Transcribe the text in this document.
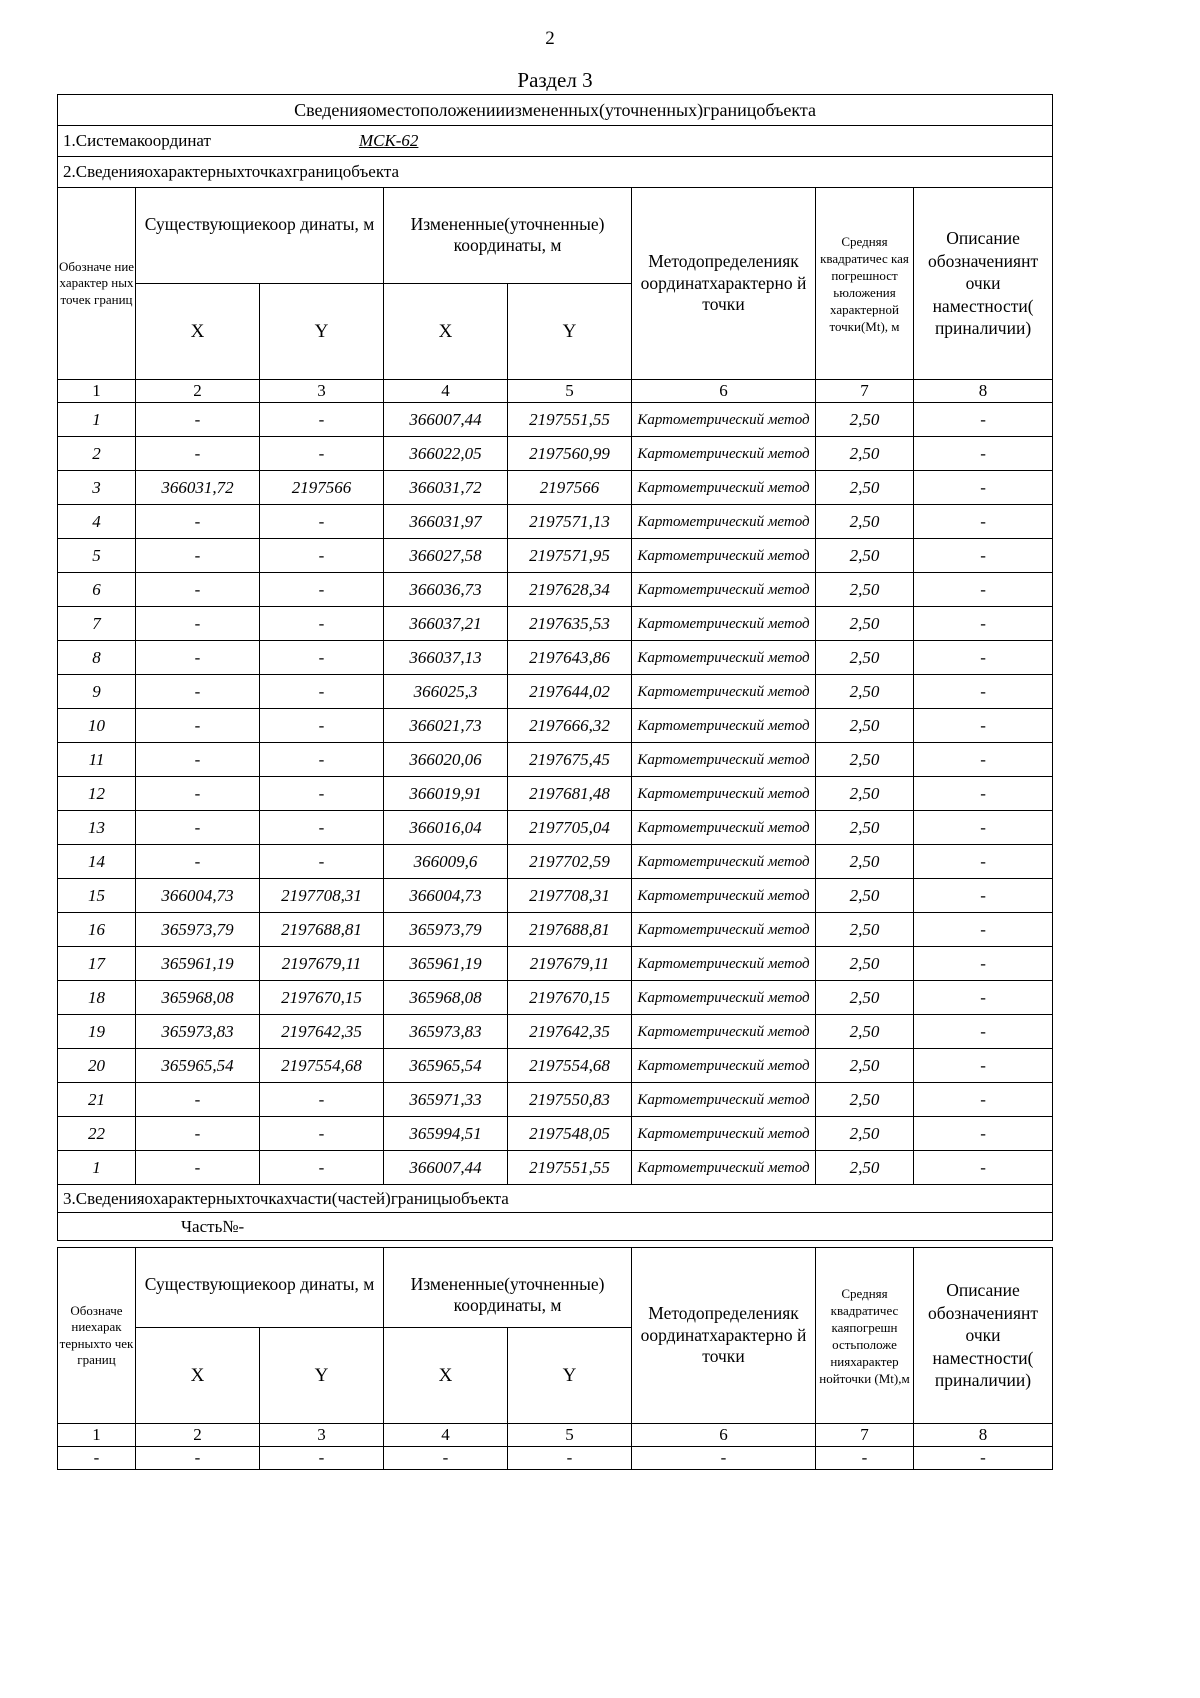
2
Раздел 3
Сведенияоместоположенииизмененных(уточненных)границобъекта							
1.Системакоординат МСК-62							
2.Сведенияохарактерныхточкахграницобъекта							
Обозначе ние характер ных точек границ	Существующиекоор динаты, м		Измененные(уточненные) координаты, м		Методопределенияк оординатхарактерно й точки	Средняя квадратичес кая погрешност ьюложения характерной точки(Mt), м	Описание обозначениянт очки наместности( приналичии)
	X	Y	X	Y			
1	2	3	4	5	6	7	8
1	-	-	366007,44	2197551,55	Картометрический метод	2,50	-
2	-	-	366022,05	2197560,99	Картометрический метод	2,50	-
3	366031,72	2197566	366031,72	2197566	Картометрический метод	2,50	-
4	-	-	366031,97	2197571,13	Картометрический метод	2,50	-
5	-	-	366027,58	2197571,95	Картометрический метод	2,50	-
6	-	-	366036,73	2197628,34	Картометрический метод	2,50	-
7	-	-	366037,21	2197635,53	Картометрический метод	2,50	-
8	-	-	366037,13	2197643,86	Картометрический метод	2,50	-
9	-	-	366025,3	2197644,02	Картометрический метод	2,50	-
10	-	-	366021,73	2197666,32	Картометрический метод	2,50	-
11	-	-	366020,06	2197675,45	Картометрический метод	2,50	-
12	-	-	366019,91	2197681,48	Картометрический метод	2,50	-
13	-	-	366016,04	2197705,04	Картометрический метод	2,50	-
14	-	-	366009,6	2197702,59	Картометрический метод	2,50	-
15	366004,73	2197708,31	366004,73	2197708,31	Картометрический метод	2,50	-
16	365973,79	2197688,81	365973,79	2197688,81	Картометрический метод	2,50	-
17	365961,19	2197679,11	365961,19	2197679,11	Картометрический метод	2,50	-
18	365968,08	2197670,15	365968,08	2197670,15	Картометрический метод	2,50	-
19	365973,83	2197642,35	365973,83	2197642,35	Картометрический метод	2,50	-
20	365965,54	2197554,68	365965,54	2197554,68	Картометрический метод	2,50	-
21	-	-	365971,33	2197550,83	Картометрический метод	2,50	-
22	-	-	365994,51	2197548,05	Картометрический метод	2,50	-
1	-	-	366007,44	2197551,55	Картометрический метод	2,50	-
3.Сведенияохарактерныхточкахчасти(частей)границыобъекта							
Часть№-							
Обозначе ниехарак терныхто чек границ	Существующиекоор динаты, м		Измененные(уточненные) координаты, м		Методопределенияк оординатхарактерно й точки	Средняя квадратичес каяпогрешн остьположе нияхарактер нойточки (Mt),м	Описание обозначениянт очки наместности( приналичии)
	X	Y	X	Y			
1	2	3	4	5	6	7	8
-	-	-	-	-	-	-	-
